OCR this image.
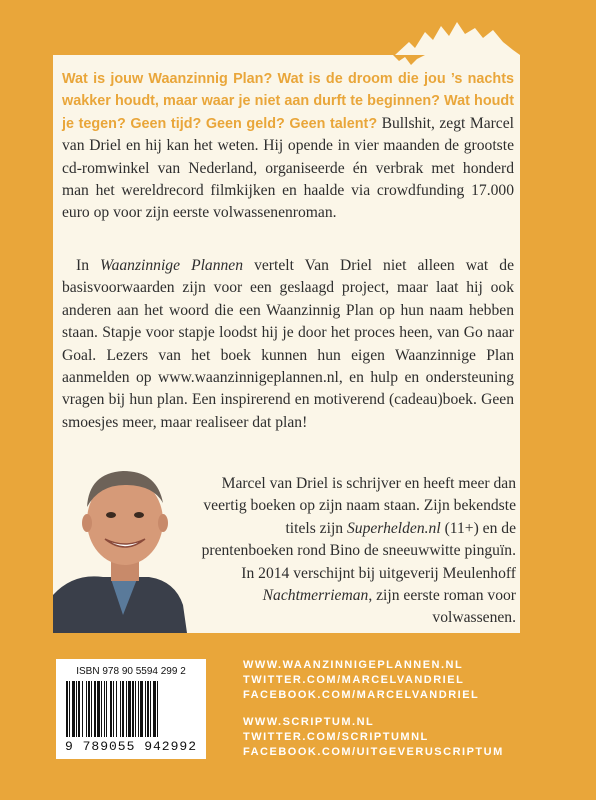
Wat is jouw Waanzinnig Plan? Wat is de droom die jou ’s nachts wakker houdt, maar waar je niet aan durft te beginnen? Wat houdt je tegen? Geen tijd? Geen geld? Geen talent? Bullshit, zegt Marcel van Driel en hij kan het weten. Hij opende in vier maanden de grootste cd-romwinkel van Nederland, organiseerde én verbrak met honderd man het wereldrecord filmkijken en haalde via crowdfunding 17.000 euro op voor zijn eerste volwassenenroman.

In Waanzinnige Plannen vertelt Van Driel niet alleen wat de basisvoorwaarden zijn voor een geslaagd project, maar laat hij ook anderen aan het woord die een Waanzinnig Plan op hun naam hebben staan. Stapje voor stapje loodst hij je door het proces heen, van Go naar Goal. Lezers van het boek kunnen hun eigen Waanzinnige Plan aanmelden op www.waanzinnigeplannen.nl, en hulp en ondersteuning vragen bij hun plan. Een inspirerend en motiverend (cadeau)boek. Geen smoesjes meer, maar realiseer dat plan!

Marcel van Driel is schrijver en heeft meer dan veertig boeken op zijn naam staan. Zijn bekendste titels zijn Superhelden.nl (11+) en de prentenboeken rond Bino de sneeuwwitte pinguïn. In 2014 verschijnt bij uitgeverij Meulenhoff Nachtmerrieman, zijn eerste roman voor volwassenen.

ISBN 978 90 5594 299 2
9 789055 942992
WWW.WAANZINNIGEPLANNEN.NL
TWITTER.COM/MARCELVANDRIEL
FACEBOOK.COM/MARCELVANDRIEL
WWW.SCRIPTUM.NL
TWITTER.COM/SCRIPTUMNL
FACEBOOK.COM/UITGEVERUSCRIPTUM
